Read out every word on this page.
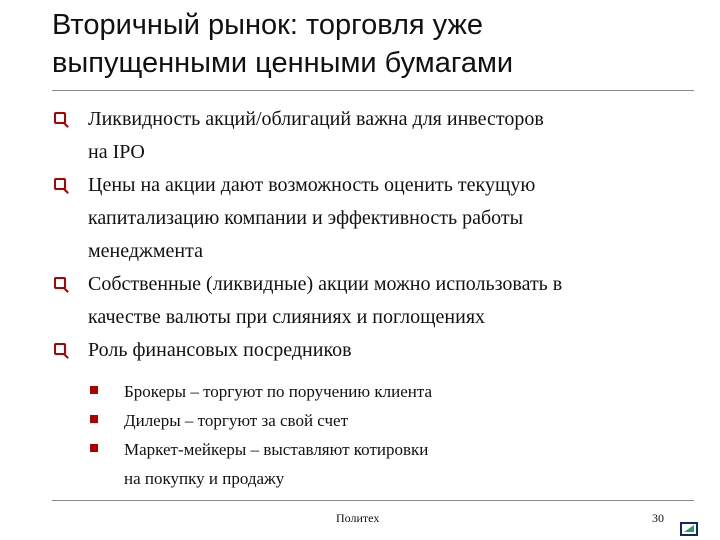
Вторичный рынок: торговля уже
выпущенными ценными бумагами
Ликвидность акций/облигаций важна для инвесторов
на IPO
Цены на акции дают возможность оценить текущую
капитализацию компании и эффективность работы
менеджмента
Собственные (ликвидные) акции можно использовать в
качестве валюты при слияниях и поглощениях
Роль финансовых посредников
Брокеры – торгуют по поручению клиента
Дилеры – торгуют за свой счет
Маркет-мейкеры – выставляют котировки
на покупку и продажу
Политех	30
